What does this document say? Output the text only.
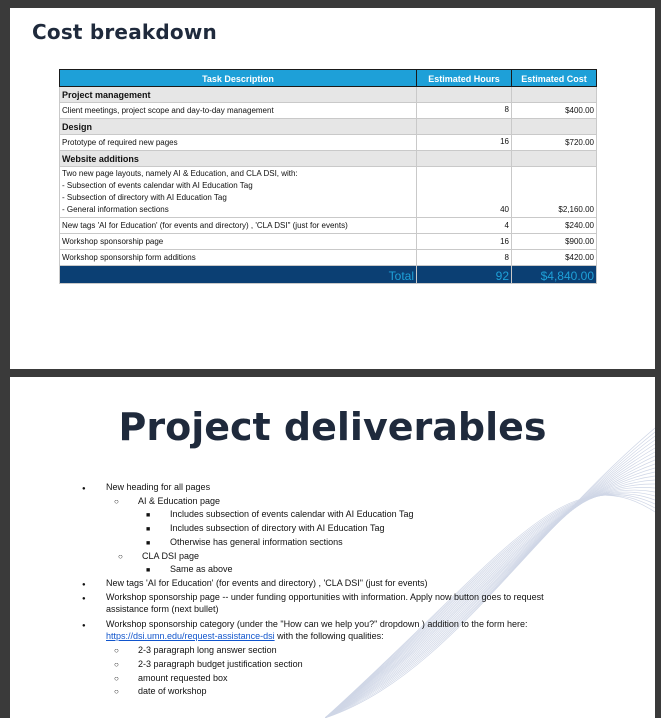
Cost breakdown
Task Description	Estimated Hours	Estimated Cost
Project management		
Client meetings, project scope and day-to-day management	8	$400.00
Design		
Prototype of required new pages	16	$720.00
Website additions		
Two new page layouts, namely AI & Education, and CLA DSI, with:
- Subsection of events calendar with AI Education Tag
- Subsection of directory with AI Education Tag
- General information sections	40	$2,160.00
New tags 'AI for Education' (for events and directory) , 'CLA DSI" (just for events)	4	$240.00
Workshop sponsorship page	16	$900.00
Workshop sponsorship form additions	8	$420.00
Total	92	$4,840.00
Project deliverables
●
New heading for all pages
○
AI & Education page
■
Includes subsection of events calendar with AI Education Tag
■
Includes subsection of directory with AI Education Tag
■
Otherwise has general information sections
○
CLA DSI page
■
Same as above
●
New tags 'AI for Education' (for events and directory) , 'CLA DSI" (just for events)
●
Workshop sponsorship page -- under funding opportunities with information. Apply now button goes to request
assistance form (next bullet)
●
Workshop sponsorship category (under the "How can we help you?" dropdown ) addition to the form here:
https://dsi.umn.edu/request-assistance-dsi with the following qualities:
○
2-3 paragraph long answer section
○
2-3 paragraph budget justification section
○
amount requested box
○
date of workshop
